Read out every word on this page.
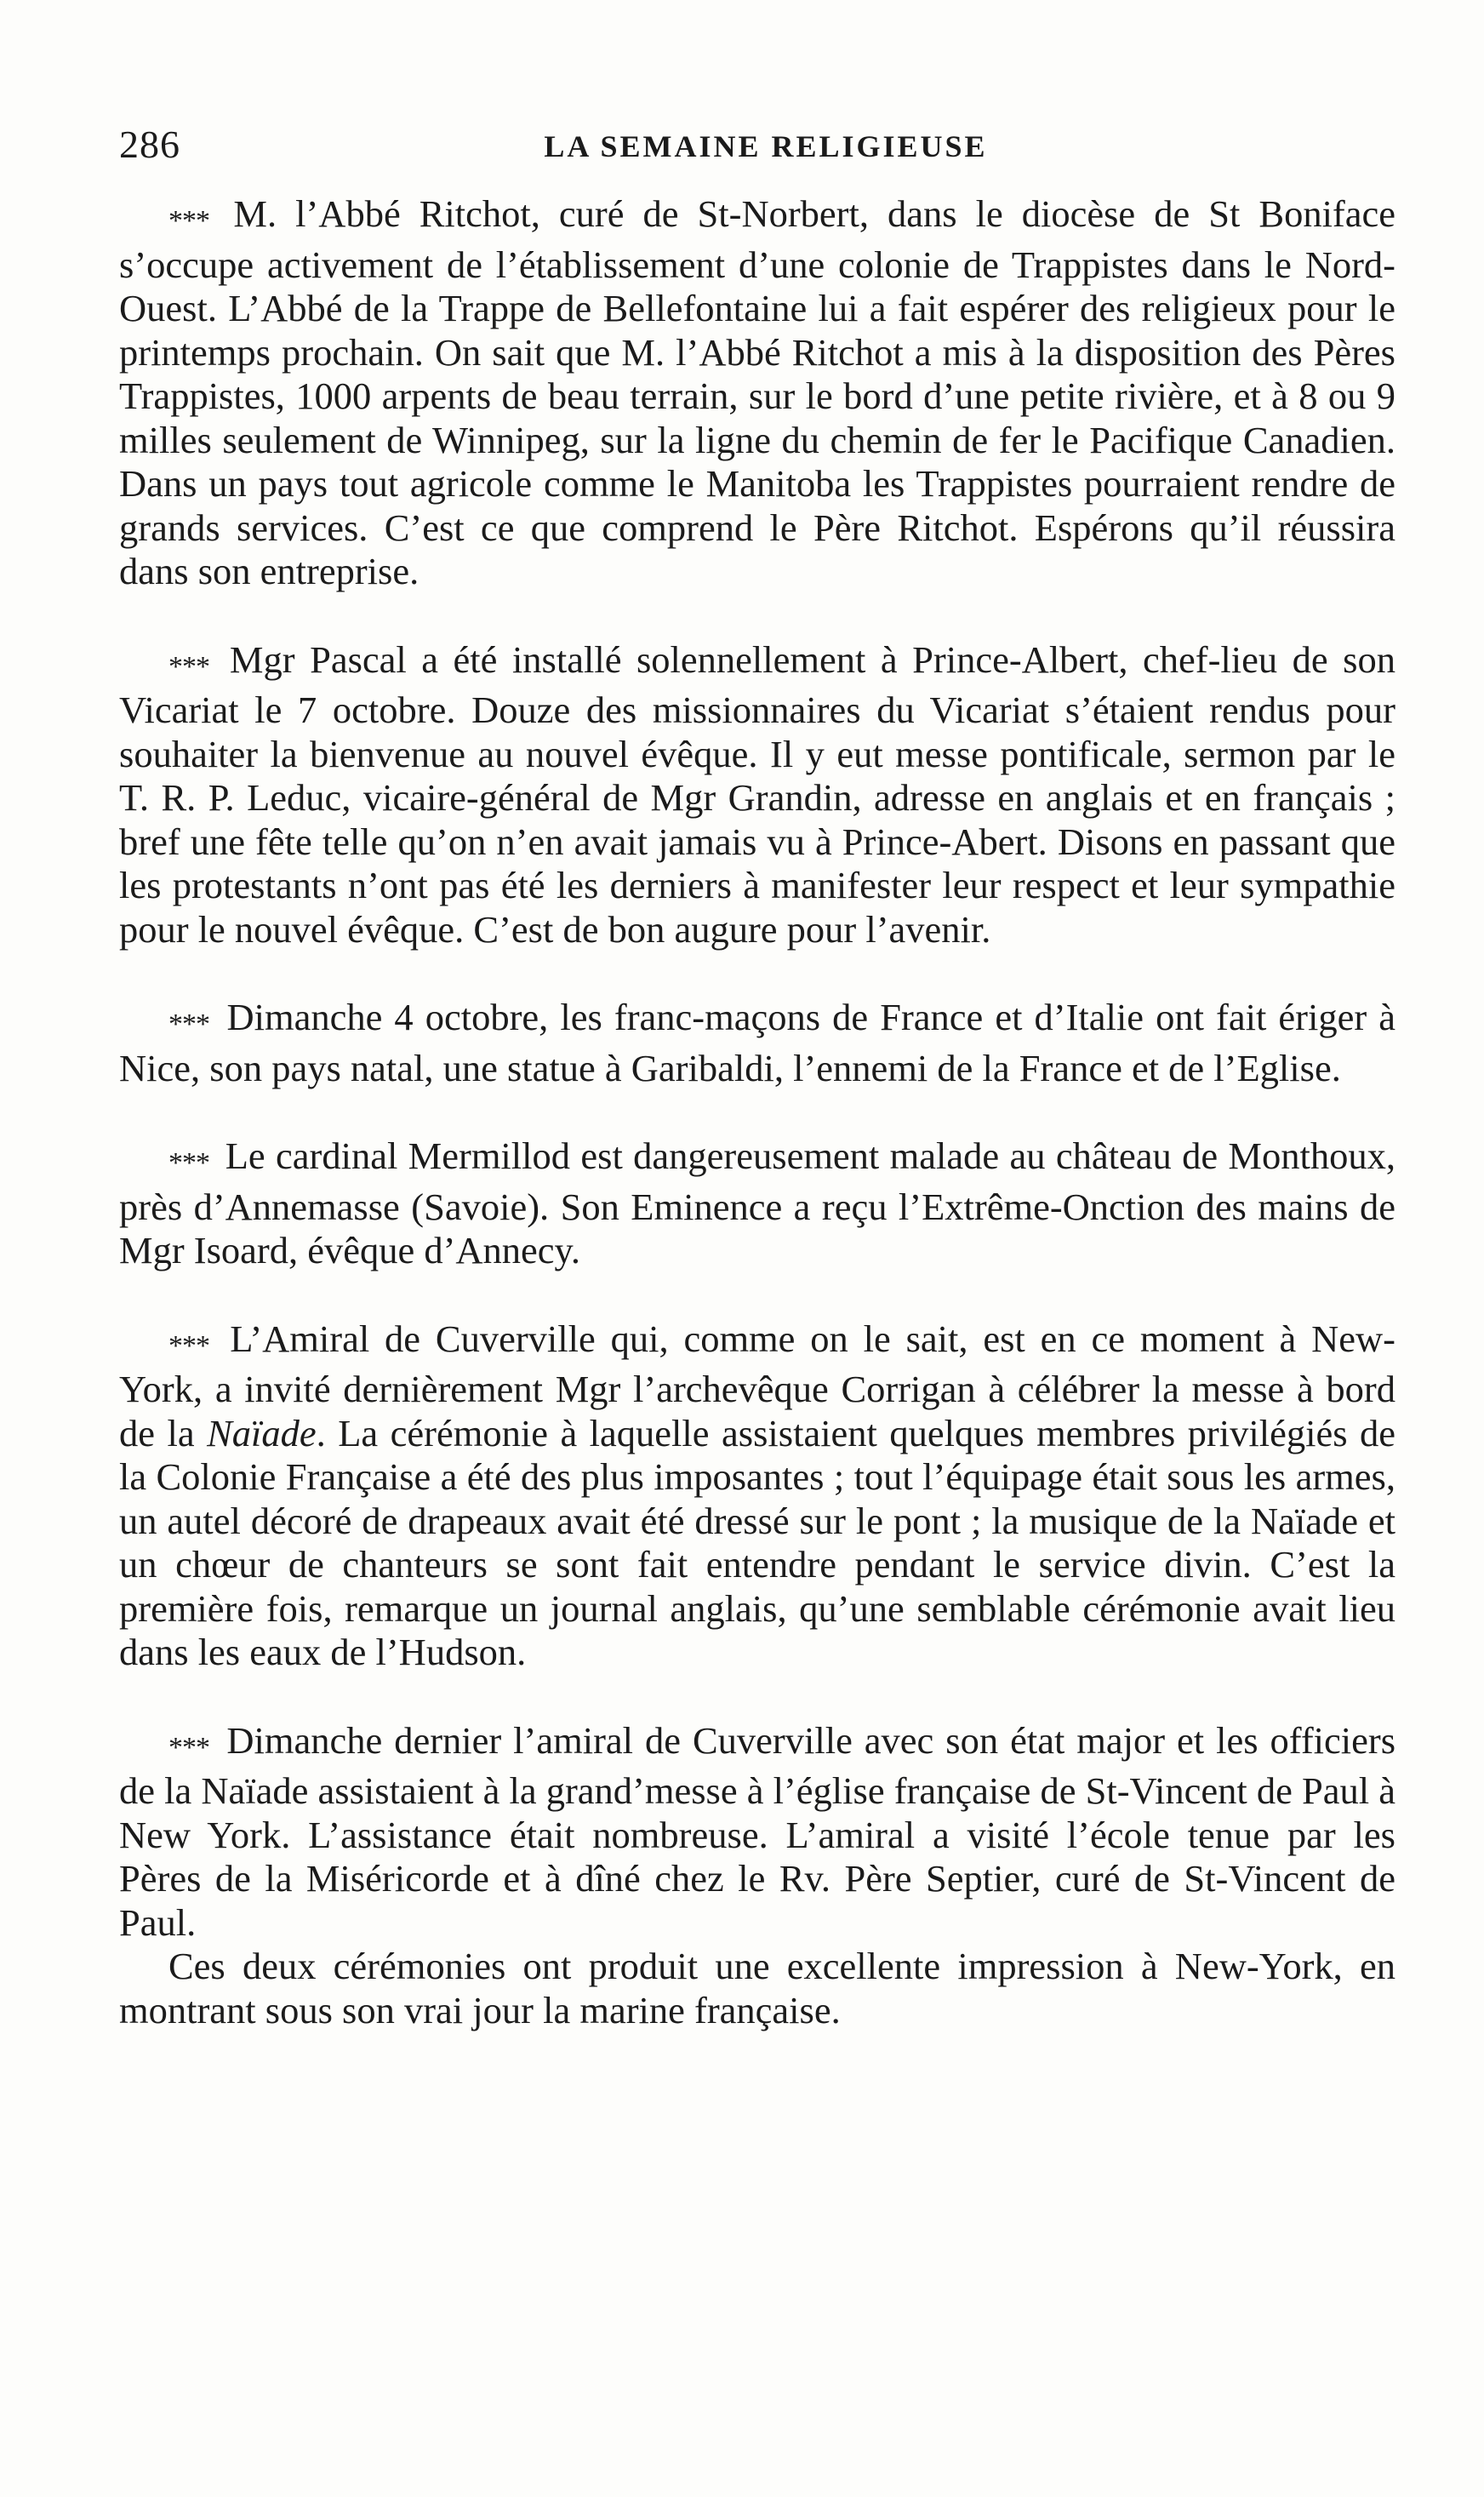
286	LA SEMAINE RELIGIEUSE

*** M. l’Abbé Ritchot, curé de St-Norbert, dans le diocèse de St Boniface s’occupe activement de l’établissement d’une colonie de Trappistes dans le Nord-Ouest. L’Abbé de la Trappe de Bellefontaine lui a fait espérer des religieux pour le printemps prochain. On sait que M. l’Abbé Ritchot a mis à la disposition des Pères Trappistes, 1000 arpents de beau terrain, sur le bord d’une petite rivière, et à 8 ou 9 milles seulement de Winnipeg, sur la ligne du chemin de fer le Pacifique Canadien. Dans un pays tout agricole comme le Manitoba les Trappistes pourraient rendre de grands services. C’est ce que comprend le Père Ritchot. Espérons qu’il réussira dans son entreprise.

*** Mgr Pascal a été installé solennellement à Prince-Albert, chef-lieu de son Vicariat le 7 octobre. Douze des missionnaires du Vicariat s’étaient rendus pour souhaiter la bienvenue au nouvel évêque. Il y eut messe pontificale, sermon par le T. R. P. Leduc, vicaire-général de Mgr Grandin, adresse en anglais et en français ; bref une fête telle qu’on n’en avait jamais vu à Prince-Abert. Disons en passant que les protestants n’ont pas été les derniers à manifester leur respect et leur sympathie pour le nouvel évêque. C’est de bon augure pour l’avenir.

*** Dimanche 4 octobre, les franc-maçons de France et d’Italie ont fait ériger à Nice, son pays natal, une statue à Garibaldi, l’ennemi de la France et de l’Eglise.

*** Le cardinal Mermillod est dangereusement malade au château de Monthoux, près d’Annemasse (Savoie). Son Eminence a reçu l’Extrême-Onction des mains de Mgr Isoard, évêque d’Annecy.

*** L’Amiral de Cuverville qui, comme on le sait, est en ce moment à New-York, a invité dernièrement Mgr l’archevêque Corrigan à célébrer la messe à bord de la Naïade. La cérémonie à laquelle assistaient quelques membres privilégiés de la Colonie Française a été des plus imposantes ; tout l’équipage était sous les armes, un autel décoré de drapeaux avait été dressé sur le pont ; la musique de la Naïade et un chœur de chanteurs se sont fait entendre pendant le service divin. C’est la première fois, remarque un journal anglais, qu’une semblable cérémonie avait lieu dans les eaux de l’Hudson.

*** Dimanche dernier l’amiral de Cuverville avec son état major et les officiers de la Naïade assistaient à la grand’messe à l’église française de St-Vincent de Paul à New York. L’assistance était nombreuse. L’amiral a visité l’école tenue par les Pères de la Miséricorde et à dîné chez le Rv. Père Septier, curé de St-Vincent de Paul.

Ces deux cérémonies ont produit une excellente impression à New-York, en montrant sous son vrai jour la marine française.
